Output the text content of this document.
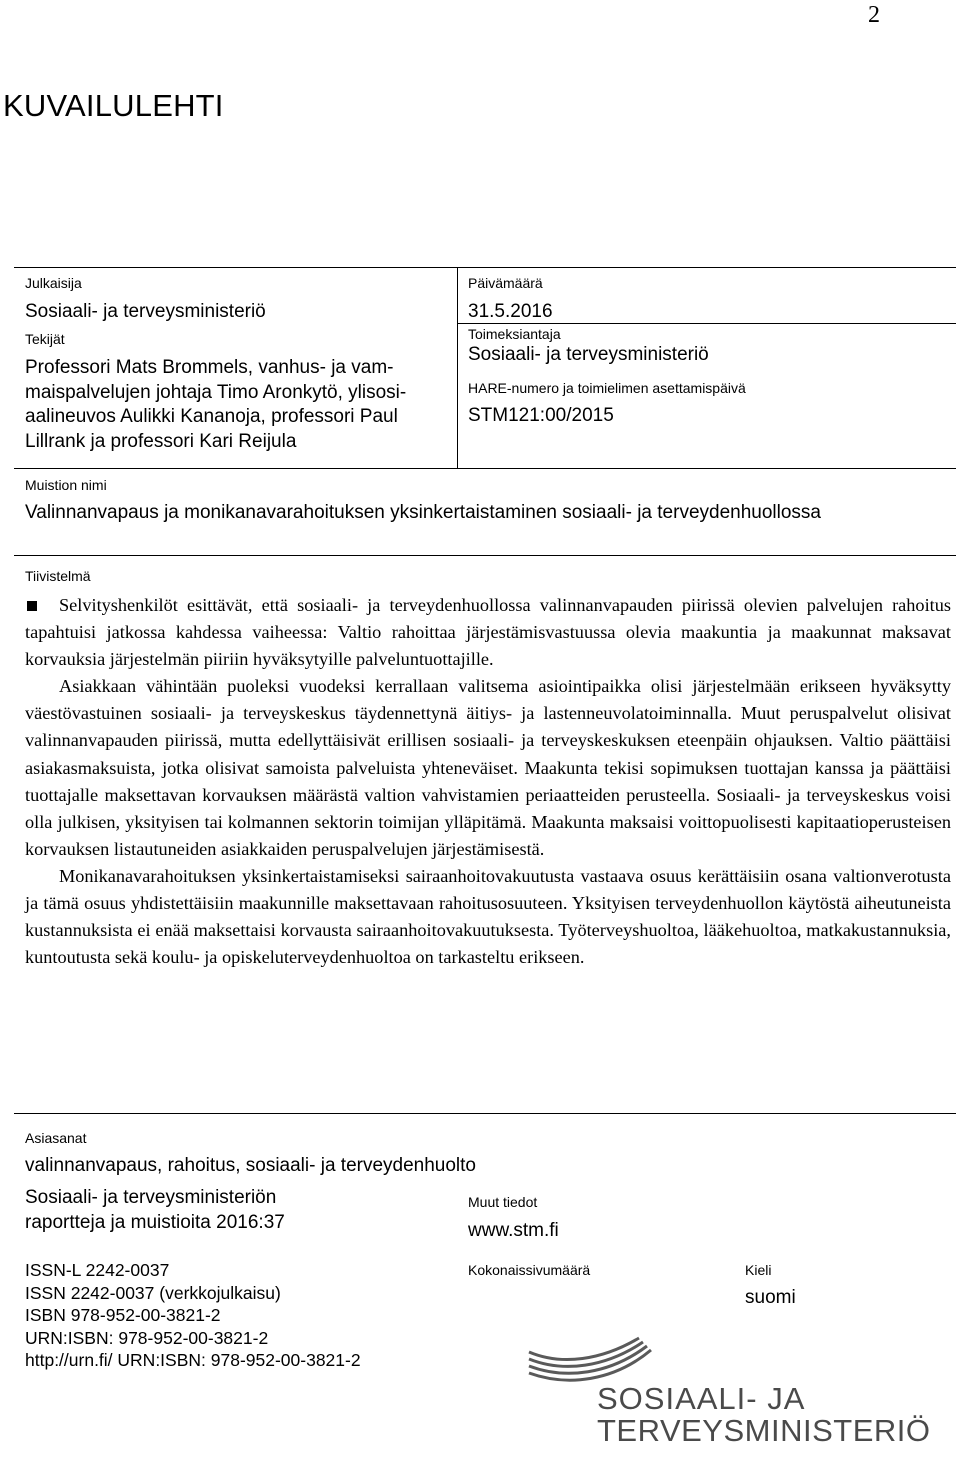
2
KUVAILULEHTI
Julkaisija
Sosiaali- ja terveysministeriö
Päivämäärä
31.5.2016
Tekijät
Professori Mats Brommels, vanhus- ja vam-
maispalvelujen johtaja Timo Aronkytö, ylisosi-
aalineuvos Aulikki Kananoja, professori Paul
Lillrank ja professori Kari Reijula
Toimeksiantaja
Sosiaali- ja terveysministeriö
HARE-numero ja toimielimen asettamispäivä
STM121:00/2015
Muistion nimi
Valinnanvapaus ja monikanavarahoituksen yksinkertaistaminen sosiaali- ja terveydenhuollossa
Tiivistelmä

Selvityshenkilöt esittävät, että sosiaali- ja terveydenhuollossa valinnanvapauden piirissä olevien palvelujen rahoitus tapahtuisi jatkossa kahdessa vaiheessa: Valtio rahoittaa järjestämisvastuussa olevia maakuntia ja maakunnat maksavat korvauksia järjestelmän piiriin hyväksytyille palveluntuottajille.

Asiakkaan vähintään puoleksi vuodeksi kerrallaan valitsema asiointipaikka olisi järjestelmään erikseen hyväksytty väestövastuinen sosiaali- ja terveyskeskus täydennettynä äitiys- ja lastenneuvolatoiminnalla. Muut peruspalvelut olisivat valinnanvapauden piirissä, mutta edellyttäisivät erillisen sosiaali- ja terveyskeskuksen eteenpäin ohjauksen. Valtio päättäisi asiakasmaksuista, jotka olisivat samoista palveluista yhteneväiset. Maakunta tekisi sopimuksen tuottajan kanssa ja päättäisi tuottajalle maksettavan korvauksen määrästä valtion vahvistamien periaatteiden perusteella. Sosiaali- ja terveyskeskus voisi olla julkisen, yksityisen tai kolmannen sektorin toimijan ylläpitämä. Maakunta maksaisi voittopuolisesti kapitaatioperusteisen korvauksen listautuneiden asiakkaiden peruspalvelujen järjestämisestä.

Monikanavarahoituksen yksinkertaistamiseksi sairaanhoitovakuutusta vastaava osuus kerättäisiin osana valtionverotusta ja tämä osuus yhdistettäisiin maakunnille maksettavaan rahoitusosuuteen. Yksityisen terveydenhuollon käytöstä aiheutuneista kustannuksista ei enää maksettaisi korvausta sairaanhoitovakuutuksesta. Työterveyshuoltoa, lääkehuoltoa, matkakustannuksia, kuntoutusta sekä koulu- ja opiskeluterveydenhuoltoa on tarkasteltu erikseen.

Asiasanat
valinnanvapaus, rahoitus, sosiaali- ja terveydenhuolto
Sosiaali- ja terveysministeriön
raportteja ja muistioita 2016:37
Muut tiedot
www.stm.fi
ISSN-L 2242-0037
ISSN 2242-0037 (verkkojulkaisu)
ISBN 978-952-00-3821-2
URN:ISBN: 978-952-00-3821-2
http://urn.fi/ URN:ISBN: 978-952-00-3821-2
Kokonaissivumäärä	Kieli
suomi
SOSIAALI- JA
TERVEYSMINISTERIÖ
